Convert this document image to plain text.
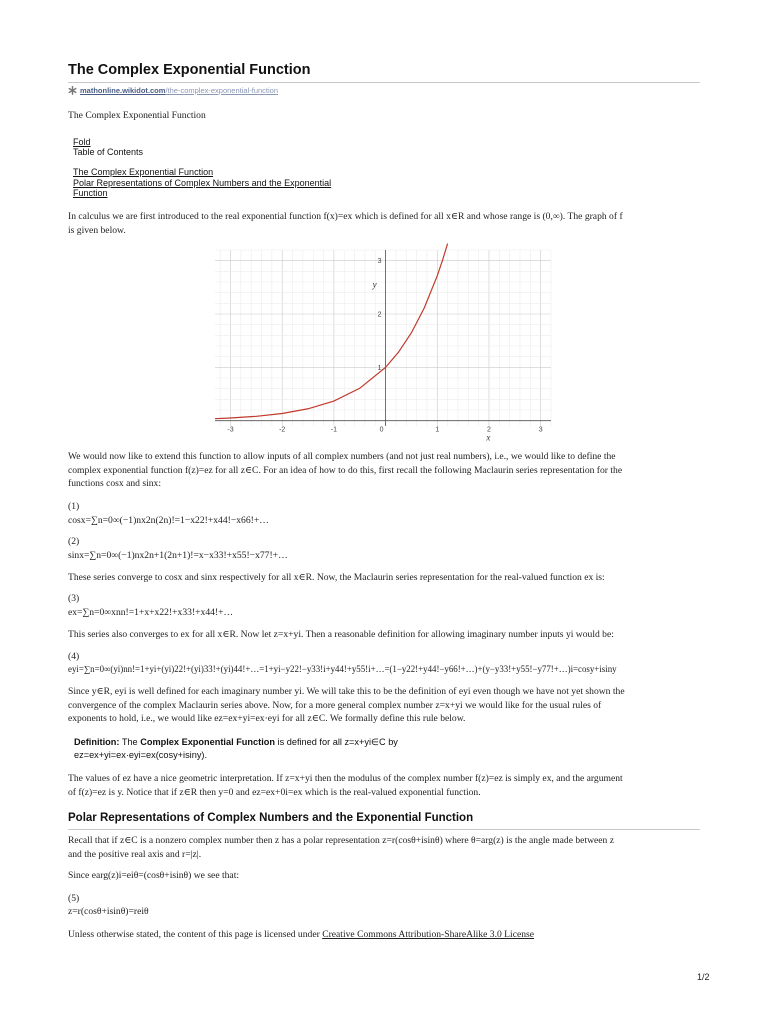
The Complex Exponential Function
mathonline.wikidot.com/the-complex-exponential-function
The Complex Exponential Function
Fold
Table of Contents
The Complex Exponential Function
Polar Representations of Complex Numbers and the Exponential
Function
In calculus we are first introduced to the real exponential function f(x)=ex which is defined for all x∈R and whose range is (0,∞). The graph of f
is given below.
-3	-2	-1	0	1	2	3
1
2
3
x
y
We would now like to extend this function to allow inputs of all complex numbers (and not just real numbers), i.e., we would like to define the
complex exponential function f(z)=ez for all z∈C. For an idea of how to do this, first recall the following Maclaurin series representation for the
functions cosx and sinx:
(1)
cosx=∑n=0∞(−1)nx2n(2n)!=1−x22!+x44!−x66!+…
(2)
sinx=∑n=0∞(−1)nx2n+1(2n+1)!=x−x33!+x55!−x77!+…
These series converge to cosx and sinx respectively for all x∈R. Now, the Maclaurin series representation for the real-valued function ex is:
(3)
ex=∑n=0∞xnn!=1+x+x22!+x33!+x44!+…
This series also converges to ex for all x∈R. Now let z=x+yi. Then a reasonable definition for allowing imaginary number inputs yi would be:
(4)
eyi=∑n=0∞(yi)nn!=1+yi+(yi)22!+(yi)33!+(yi)44!+…=1+yi−y22!−y33!i+y44!+y55!i+…=(1−y22!+y44!−y66!+…)+(y−y33!+y55!−y77!+…)i=cosy+isiny
Since y∈R, eyi is well defined for each imaginary number yi. We will take this to be the definition of eyi even though we have not yet shown the
convergence of the complex Maclaurin series above. Now, for a more general complex number z=x+yi we would like for the usual rules of
exponents to hold, i.e., we would like ez=ex+yi=ex·eyi for all z∈C. We formally define this rule below.
Definition: The Complex Exponential Function is defined for all z=x+yi∈C by
ez=ex+yi=ex·eyi=ex(cosy+isiny).
The values of ez have a nice geometric interpretation. If z=x+yi then the modulus of the complex number f(z)=ez is simply ex, and the argument
of f(z)=ez is y. Notice that if z∈R then y=0 and ez=ex+0i=ex which is the real-valued exponential function.
Polar Representations of Complex Numbers and the Exponential Function
Recall that if z∈C is a nonzero complex number then z has a polar representation z=r(cosθ+isinθ) where θ=arg(z) is the angle made between z
and the positive real axis and r=|z|.
Since earg(z)i=eiθ=(cosθ+isinθ) we see that:
(5)
z=r(cosθ+isinθ)=reiθ
Unless otherwise stated, the content of this page is licensed under Creative Commons Attribution-ShareAlike 3.0 License
1/2
